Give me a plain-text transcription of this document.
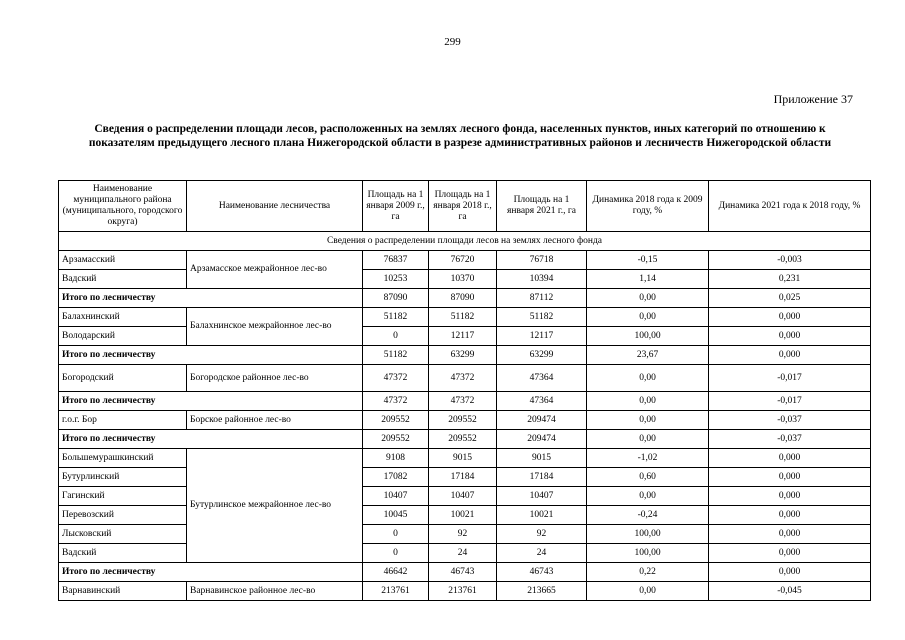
299
Приложение 37
Сведения о распределении площади лесов, расположенных на землях лесного фонда, населенных пунктов, иных категорий по отношению к показателям предыдущего лесного плана Нижегородской области в разрезе административных районов и лесничеств Нижегородской области
Наименование муниципального района (муниципального, городского округа)	Наименование лесничества	Площадь на 1 января 2009 г., га	Площадь на 1 января 2018 г., га	Площадь на 1 января 2021 г., га	Динамика 2018 года к 2009 году, %	Динамика 2021 года к 2018 году, %
Сведения о распределении площади лесов на землях лесного фонда						
Арзамасский	Арзамасское межрайонное лес-во	76837	76720	76718	-0,15	-0,003
Вадский		10253	10370	10394	1,14	0,231
Итого по лесничеству		87090	87090	87112	0,00	0,025
Балахнинский	Балахнинское межрайонное лес-во	51182	51182	51182	0,00	0,000
Володарский		0	12117	12117	100,00	0,000
Итого по лесничеству		51182	63299	63299	23,67	0,000
Богородский	Богородское районное лес-во	47372	47372	47364	0,00	-0,017
Итого по лесничеству		47372	47372	47364	0,00	-0,017
г.о.г. Бор	Борское районное лес-во	209552	209552	209474	0,00	-0,037
Итого по лесничеству		209552	209552	209474	0,00	-0,037
Большемурашкинский	Бутурлинское межрайонное лес-во	9108	9015	9015	-1,02	0,000
Бутурлинский		17082	17184	17184	0,60	0,000
Гагинский		10407	10407	10407	0,00	0,000
Перевозский		10045	10021	10021	-0,24	0,000
Лысковский		0	92	92	100,00	0,000
Вадский		0	24	24	100,00	0,000
Итого по лесничеству		46642	46743	46743	0,22	0,000
Варнавинский	Варнавинское районное лес-во	213761	213761	213665	0,00	-0,045
